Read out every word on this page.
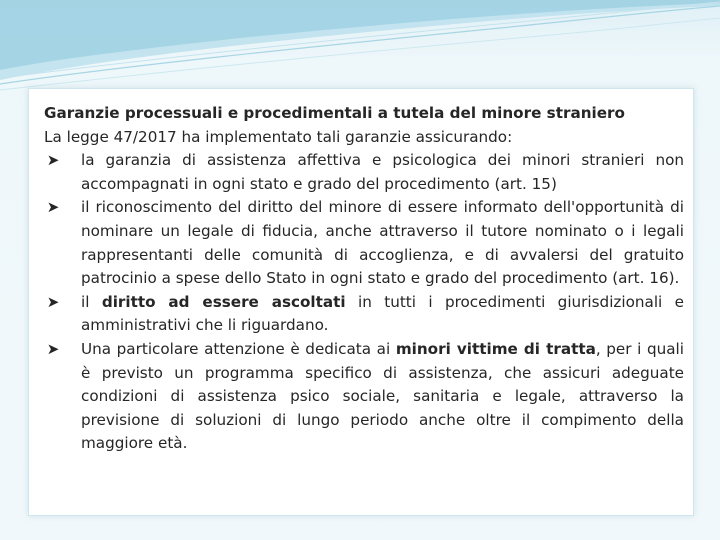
Garanzie processuali e procedimentali a tutela del minore straniero

La legge 47/2017 ha implementato tali garanzie assicurando:

➤ la garanzia di assistenza affettiva e psicologica dei minori stranieri non accompagnati in ogni stato e grado del procedimento (art. 15)
➤ il riconoscimento del diritto del minore di essere informato dell'opportunità di nominare un legale di fiducia, anche attraverso il tutore nominato o i legali rappresentanti delle comunità di accoglienza, e di avvalersi del gratuito patrocinio a spese dello Stato in ogni stato e grado del procedimento (art. 16).
➤ il diritto ad essere ascoltati in tutti i procedimenti giurisdizionali e amministrativi che li riguardano.
➤ Una particolare attenzione è dedicata ai minori vittime di tratta, per i quali è previsto un programma specifico di assistenza, che assicuri adeguate condizioni di assistenza psico sociale, sanitaria e legale, attraverso la previsione di soluzioni di lungo periodo anche oltre il compimento della maggiore età.
